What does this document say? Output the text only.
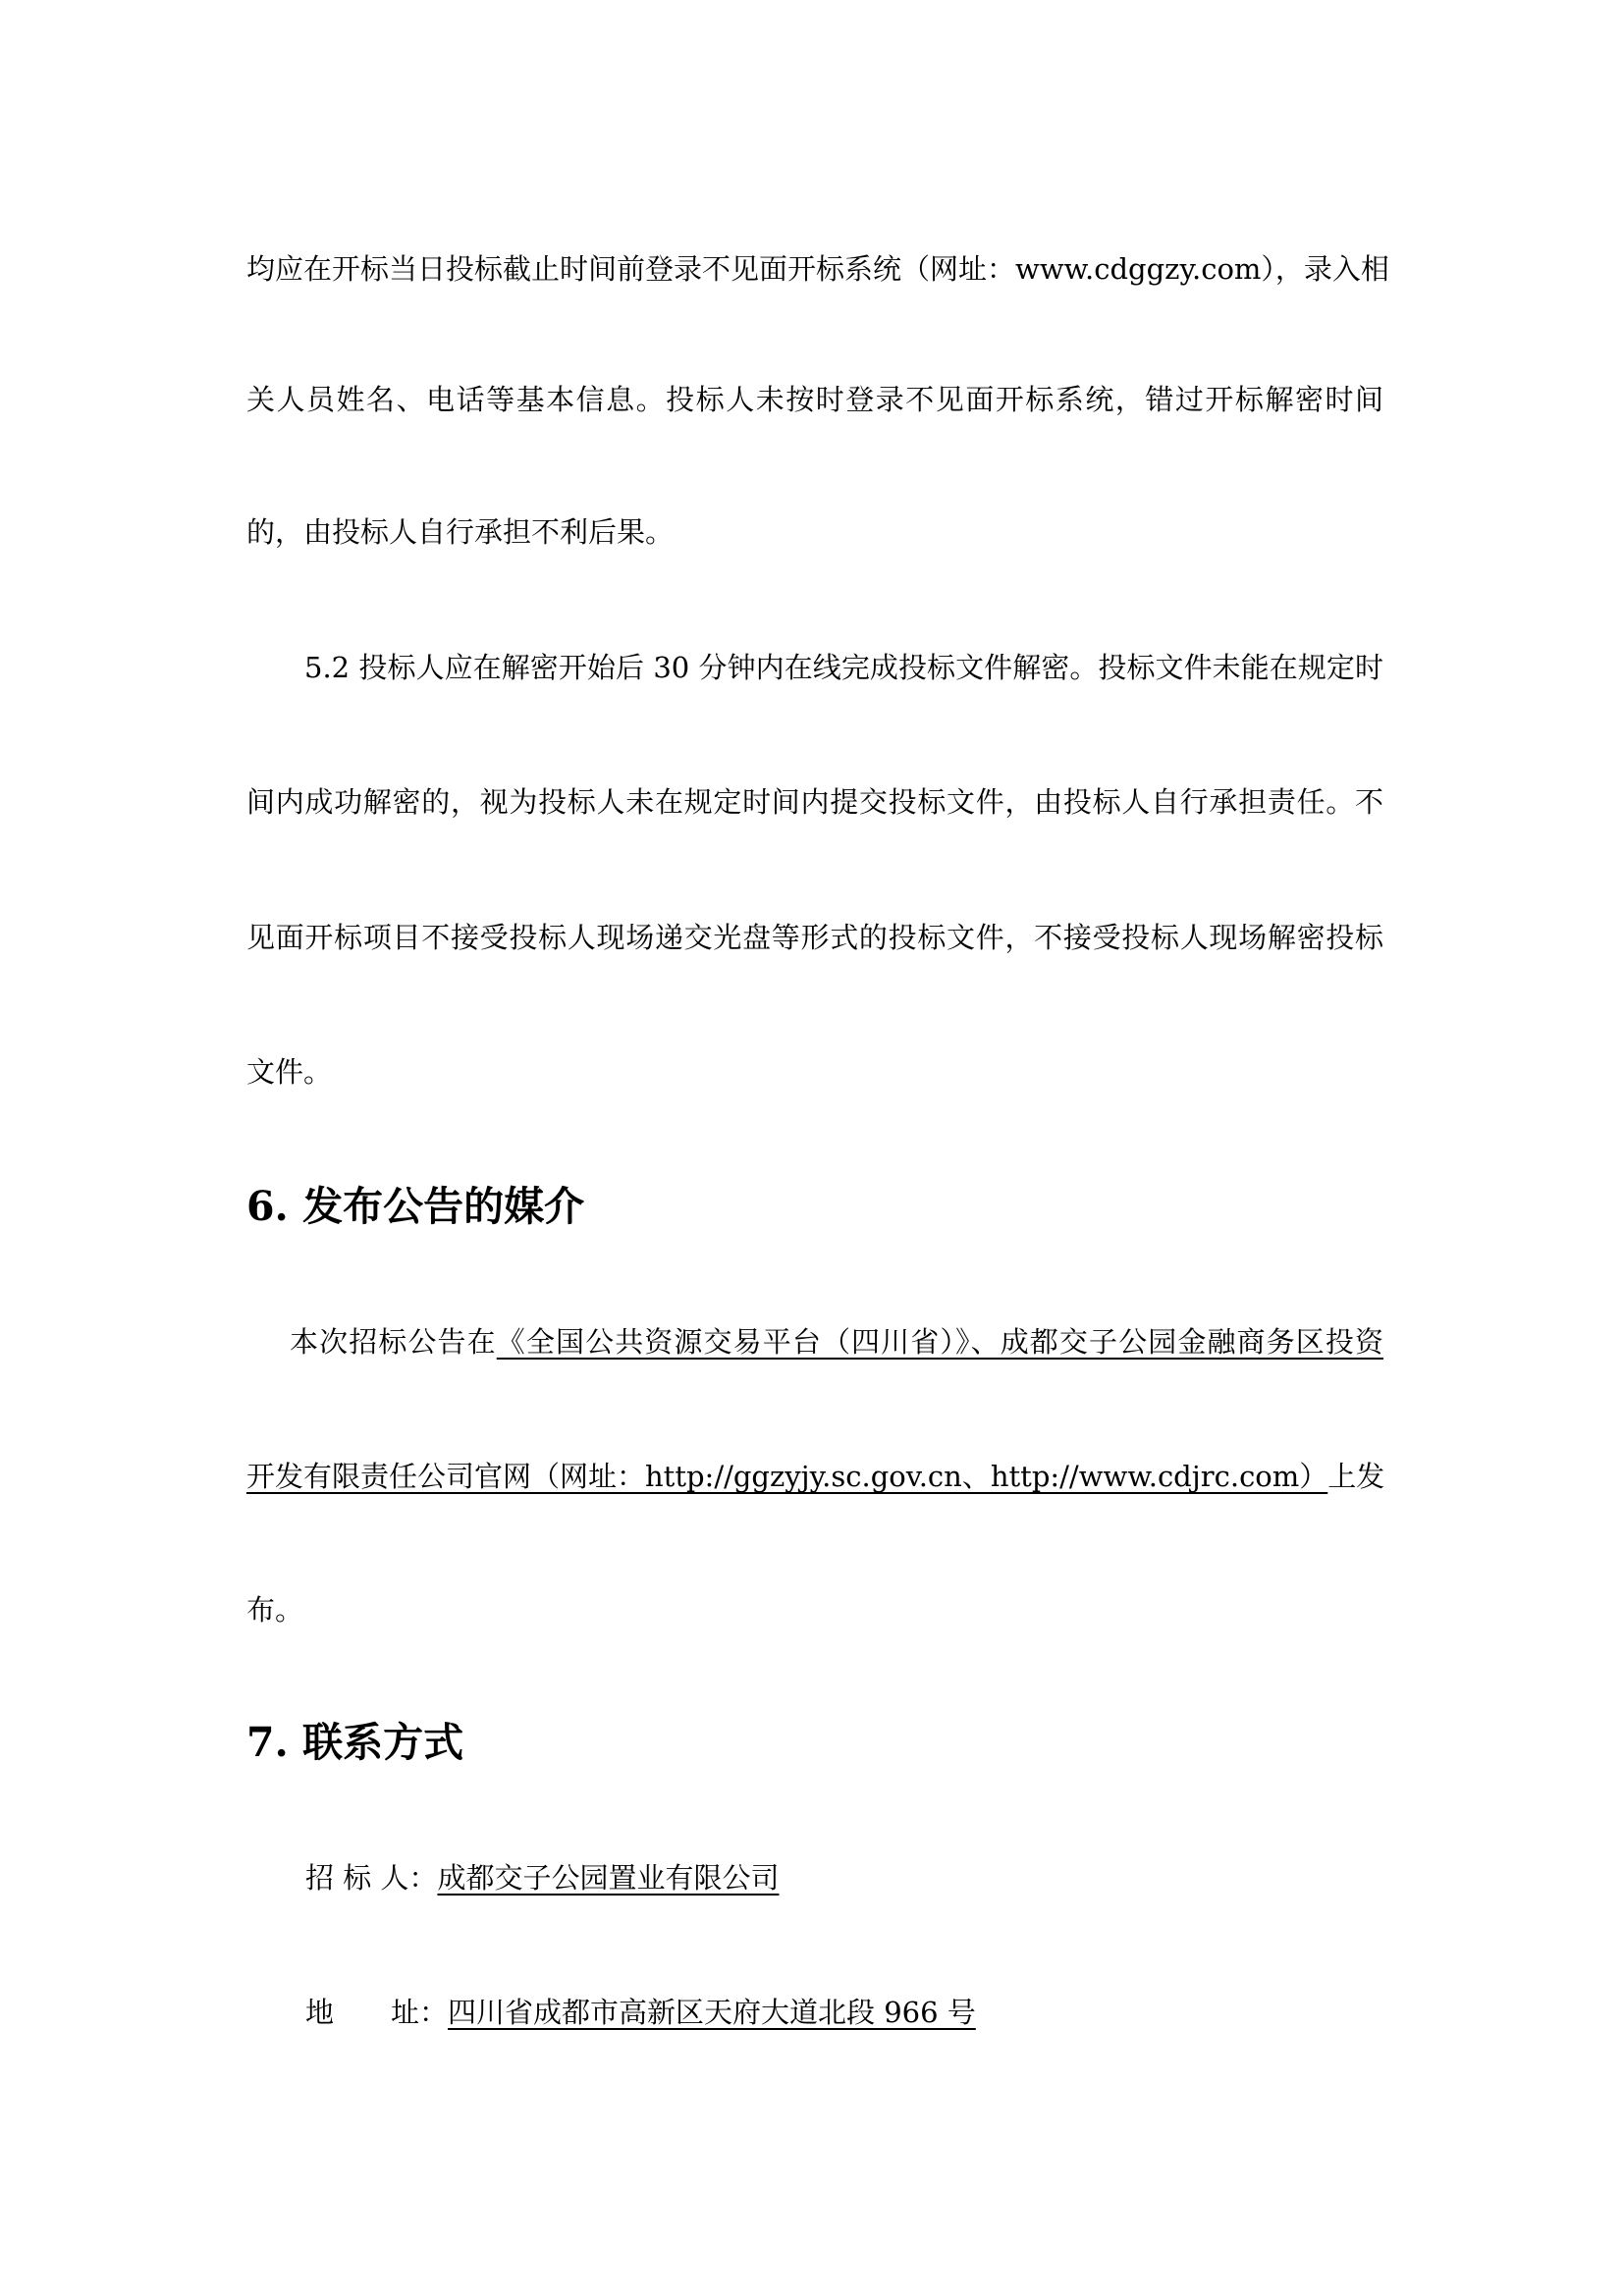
均应在开标当日投标截止时间前登录不见面开标系统（网址：www.cdggzy.com），录入相
关人员姓名、电话等基本信息。投标人未按时登录不见面开标系统，错过开标解密时间
的，由投标人自行承担不利后果。
5.2 投标人应在解密开始后 30 分钟内在线完成投标文件解密。投标文件未能在规定时
间内成功解密的，视为投标人未在规定时间内提交投标文件，由投标人自行承担责任。不
见面开标项目不接受投标人现场递交光盘等形式的投标文件，不接受投标人现场解密投标
文件。
6. 发布公告的媒介
本次招标公告在《全国公共资源交易平台（四川省）》、成都交子公园金融商务区投资
开发有限责任公司官网（网址：http://ggzyjy.sc.gov.cn、http://www.cdjrc.com）上发
布。
7. 联系方式
招 标 人：成都交子公园置业有限公司
地　　址：四川省成都市高新区天府大道北段 966 号
